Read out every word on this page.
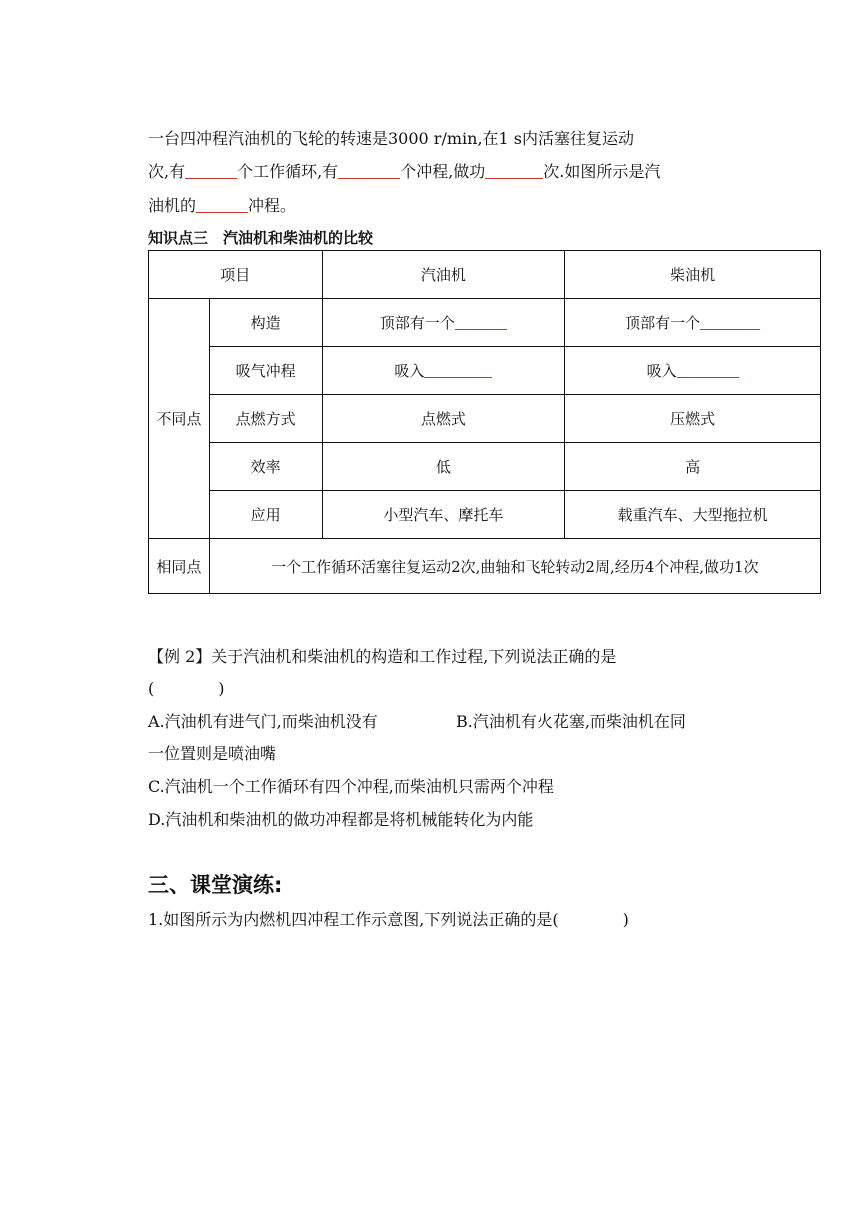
一台四冲程汽油机的飞轮的转速是3000 r/min,在1 s内活塞往复运动
次,有	个工作循环,有	个冲程,做功	次.如图所示是汽
油机的	冲程。
知识点三　汽油机和柴油机的比较
项目		汽油机	柴油机
不同点	构造	顶部有一个	顶部有一个
	吸气冲程	吸入	吸入
	点燃方式	点燃式	压燃式
	效率	低	高
	应用	小型汽车、摩托车	载重汽车、大型拖拉机
相同点	一个工作循环活塞往复运动2次,曲轴和飞轮转动2周,经历4个冲程,做功1次		
【例 2】关于汽油机和柴油机的构造和工作过程,下列说法正确的是
(　　　　)
A.汽油机有进气门,而柴油机没有	B.汽油机有火花塞,而柴油机在同
一位置则是喷油嘴
C.汽油机一个工作循环有四个冲程,而柴油机只需两个冲程
D.汽油机和柴油机的做功冲程都是将机械能转化为内能
三、课堂演练:
1.如图所示为内燃机四冲程工作示意图,下列说法正确的是(　　　　)
